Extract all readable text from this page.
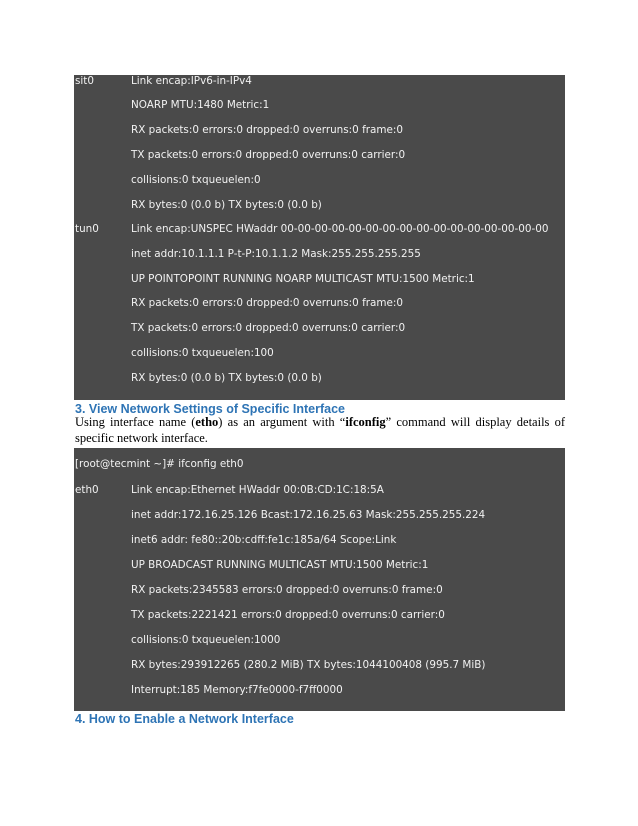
sit0	Link encap:IPv6-in-IPv4
NOARP MTU:1480 Metric:1
RX packets:0 errors:0 dropped:0 overruns:0 frame:0
TX packets:0 errors:0 dropped:0 overruns:0 carrier:0
collisions:0 txqueuelen:0
RX bytes:0 (0.0 b) TX bytes:0 (0.0 b)
tun0	Link encap:UNSPEC HWaddr 00-00-00-00-00-00-00-00-00-00-00-00-00-00-00-00
inet addr:10.1.1.1 P-t-P:10.1.1.2 Mask:255.255.255.255
UP POINTOPOINT RUNNING NOARP MULTICAST MTU:1500 Metric:1
RX packets:0 errors:0 dropped:0 overruns:0 frame:0
TX packets:0 errors:0 dropped:0 overruns:0 carrier:0
collisions:0 txqueuelen:100
RX bytes:0 (0.0 b) TX bytes:0 (0.0 b)
3. View Network Settings of Specific Interface

Using interface name (etho) as an argument with “ifconfig” command will display details of specific network interface.

[root@tecmint ~]# ifconfig eth0
eth0	Link encap:Ethernet HWaddr 00:0B:CD:1C:18:5A
inet addr:172.16.25.126 Bcast:172.16.25.63 Mask:255.255.255.224
inet6 addr: fe80::20b:cdff:fe1c:185a/64 Scope:Link
UP BROADCAST RUNNING MULTICAST MTU:1500 Metric:1
RX packets:2345583 errors:0 dropped:0 overruns:0 frame:0
TX packets:2221421 errors:0 dropped:0 overruns:0 carrier:0
collisions:0 txqueuelen:1000
RX bytes:293912265 (280.2 MiB) TX bytes:1044100408 (995.7 MiB)
Interrupt:185 Memory:f7fe0000-f7ff0000
4. How to Enable a Network Interface
